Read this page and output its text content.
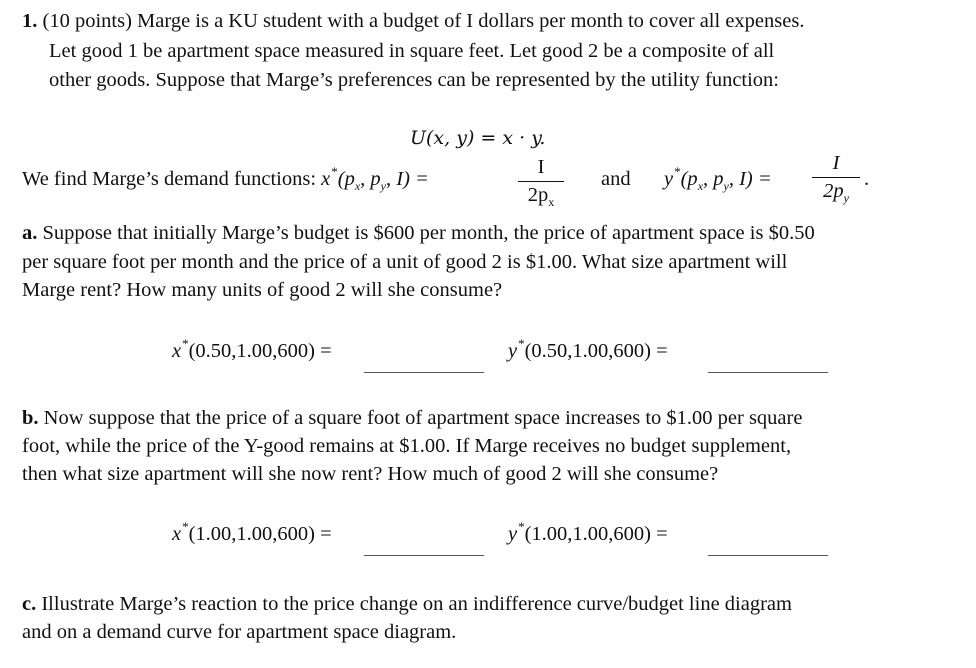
1. (10 points) Marge is a KU student with a budget of I dollars per month to cover all expenses.
Let good 1 be apartment space measured in square feet. Let good 2 be a composite of all
other goods. Suppose that Marge’s preferences can be represented by the utility function:
U(x, y) = x · y.
We find Marge’s demand functions: $x^*(p_x$, $p_y$, I) =
I
$2p_x$
and $y^*(p_x$, $p_y$, I) =
I
$2p_y$
.
a. Suppose that initially Marge’s budget is $600 per month, the price of apartment space is $0.50
per square foot per month and the price of a unit of good 2 is $1.00. What size apartment will
Marge rent? How many units of good 2 will she consume?
x*(0.50,1.00,600) =	y*(0.50,1.00,600) =
b. Now suppose that the price of a square foot of apartment space increases to $1.00 per square
foot, while the price of the Y-good remains at $1.00. If Marge receives no budget supplement,
then what size apartment will she now rent? How much of good 2 will she consume?
x*(1.00,1.00,600) =	y*(1.00,1.00,600) =
c. Illustrate Marge’s reaction to the price change on an indifference curve/budget line diagram
and on a demand curve for apartment space diagram.
